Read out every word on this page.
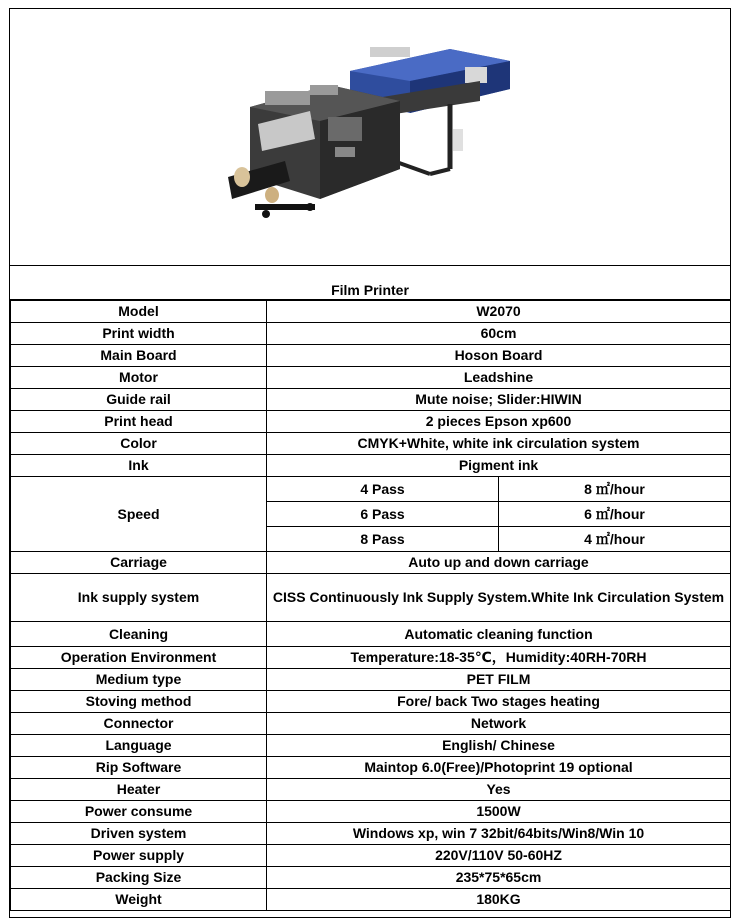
Film Printer
Model	W2070	
Print width	60cm	
Main Board	Hoson Board	
Motor	Leadshine	
Guide rail	Mute noise; Slider:HIWIN	
Print head	2 pieces Epson xp600	
Color	CMYK+White, white ink circulation system	
Ink	Pigment ink	
Speed	4 Pass	8 ㎡/hour
	6 Pass	6 ㎡/hour
	8 Pass	4 ㎡/hour
Carriage	Auto up and down carriage	
Ink supply system	CISS Continuously Ink Supply System.White Ink Circulation System	
Cleaning	Automatic cleaning function	
Operation Environment	Temperature:18-35℃，Humidity:40RH-70RH	
Medium type	PET FILM	
Stoving method	Fore/ back Two stages heating	
Connector	Network	
Language	English/ Chinese	
Rip Software	Maintop 6.0(Free)/Photoprint 19 optional	
Heater	Yes	
Power consume	1500W	
Driven system	Windows xp, win 7 32bit/64bits/Win8/Win 10	
Power supply	220V/110V 50-60HZ	
Packing Size	235*75*65cm	
Weight	180KG	
